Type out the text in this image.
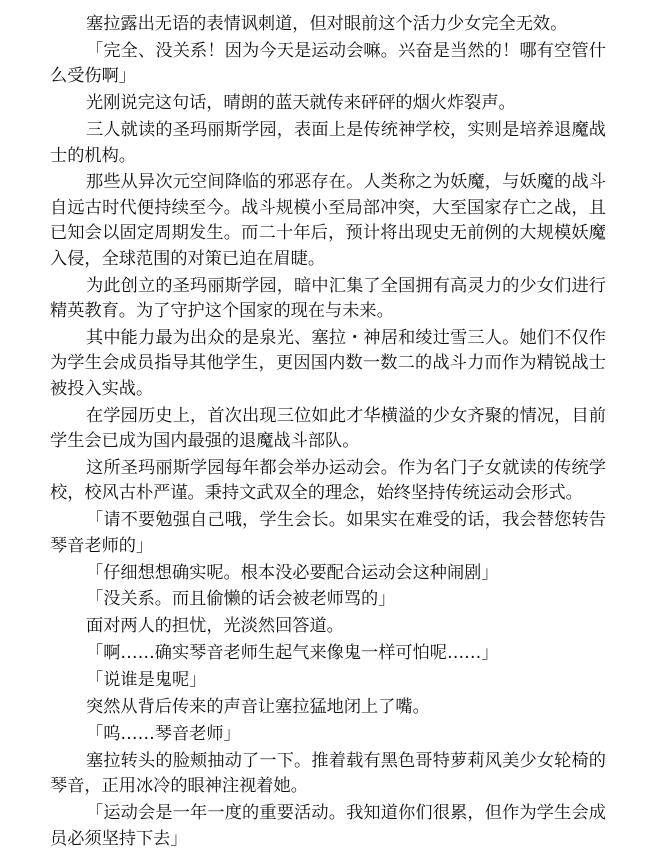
塞拉露出无语的表情讽刺道，但对眼前这个活力少女完全无效。

「完全、没关系！因为今天是运动会嘛。兴奋是当然的！哪有空管什么受伤啊」

光刚说完这句话，晴朗的蓝天就传来砰砰的烟火炸裂声。

三人就读的圣玛丽斯学园，表面上是传统神学校，实则是培养退魔战士的机构。

那些从异次元空间降临的邪恶存在。人类称之为妖魔，与妖魔的战斗自远古时代便持续至今。战斗规模小至局部冲突，大至国家存亡之战，且已知会以固定周期发生。而二十年后，预计将出现史无前例的大规模妖魔入侵，全球范围的对策已迫在眉睫。

为此创立的圣玛丽斯学园，暗中汇集了全国拥有高灵力的少女们进行精英教育。为了守护这个国家的现在与未来。

其中能力最为出众的是泉光、塞拉・神居和绫辻雪三人。她们不仅作为学生会成员指导其他学生，更因国内数一数二的战斗力而作为精锐战士被投入实战。

在学园历史上，首次出现三位如此才华横溢的少女齐聚的情况，目前学生会已成为国内最强的退魔战斗部队。

这所圣玛丽斯学园每年都会举办运动会。作为名门子女就读的传统学校，校风古朴严谨。秉持文武双全的理念，始终坚持传统运动会形式。

「请不要勉强自己哦，学生会长。如果实在难受的话，我会替您转告琴音老师的」

「仔细想想确实呢。根本没必要配合运动会这种闹剧」

「没关系。而且偷懒的话会被老师骂的」

面对两人的担忧，光淡然回答道。

「啊……确实琴音老师生起气来像鬼一样可怕呢……」

「说谁是鬼呢」

突然从背后传来的声音让塞拉猛地闭上了嘴。

「呜……琴音老师」

塞拉转头的脸颊抽动了一下。推着载有黑色哥特萝莉风美少女轮椅的琴音，正用冰冷的眼神注视着她。

「运动会是一年一度的重要活动。我知道你们很累，但作为学生会成员必须坚持下去」
